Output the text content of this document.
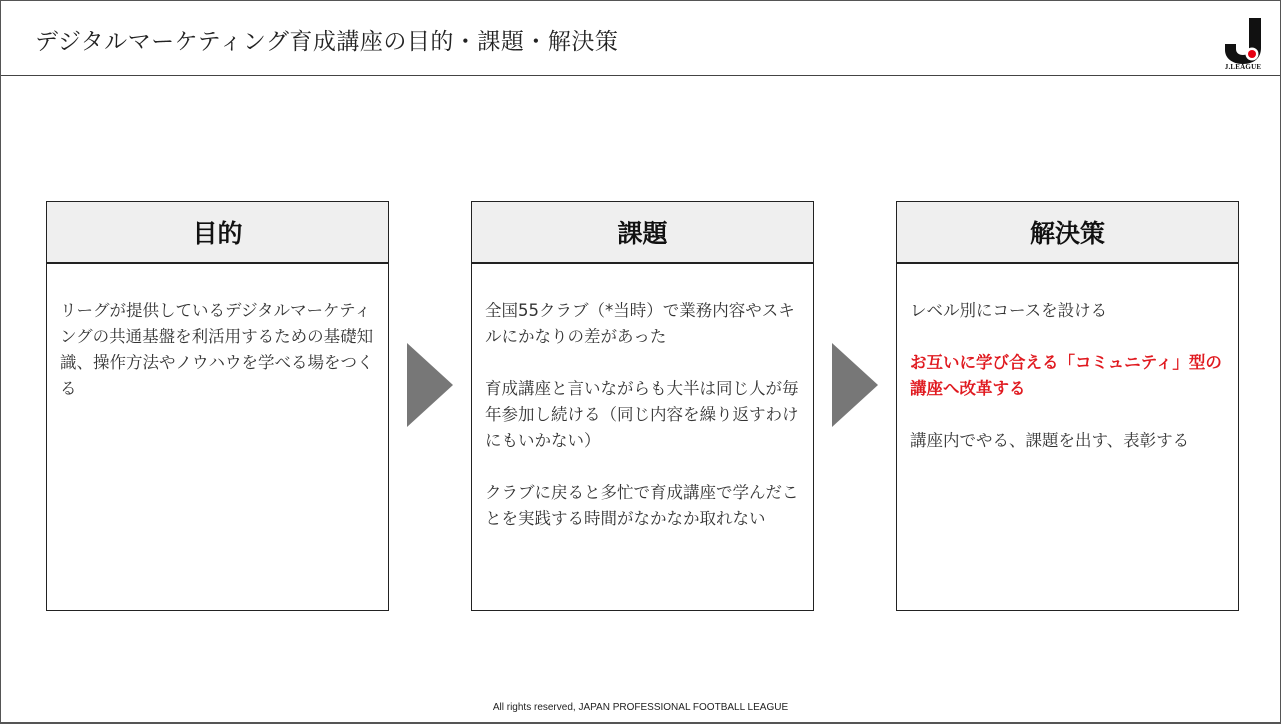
デジタルマーケティング育成講座の目的・課題・解決策
J.LEAGUE
目的

リーグが提供しているデジタルマーケティングの共通基盤を利活用するための基礎知識、操作方法やノウハウを学べる場をつくる

課題

全国55クラブ（*当時）で業務内容やスキルにかなりの差があった

育成講座と言いながらも大半は同じ人が毎年参加し続ける（同じ内容を繰り返すわけにもいかない）

クラブに戻ると多忙で育成講座で学んだことを実践する時間がなかなか取れない

解決策

レベル別にコースを設ける

お互いに学び合える「コミュニティ」型の講座へ改革する

講座内でやる、課題を出す、表彰する

All rights reserved, JAPAN PROFESSIONAL FOOTBALL LEAGUE
